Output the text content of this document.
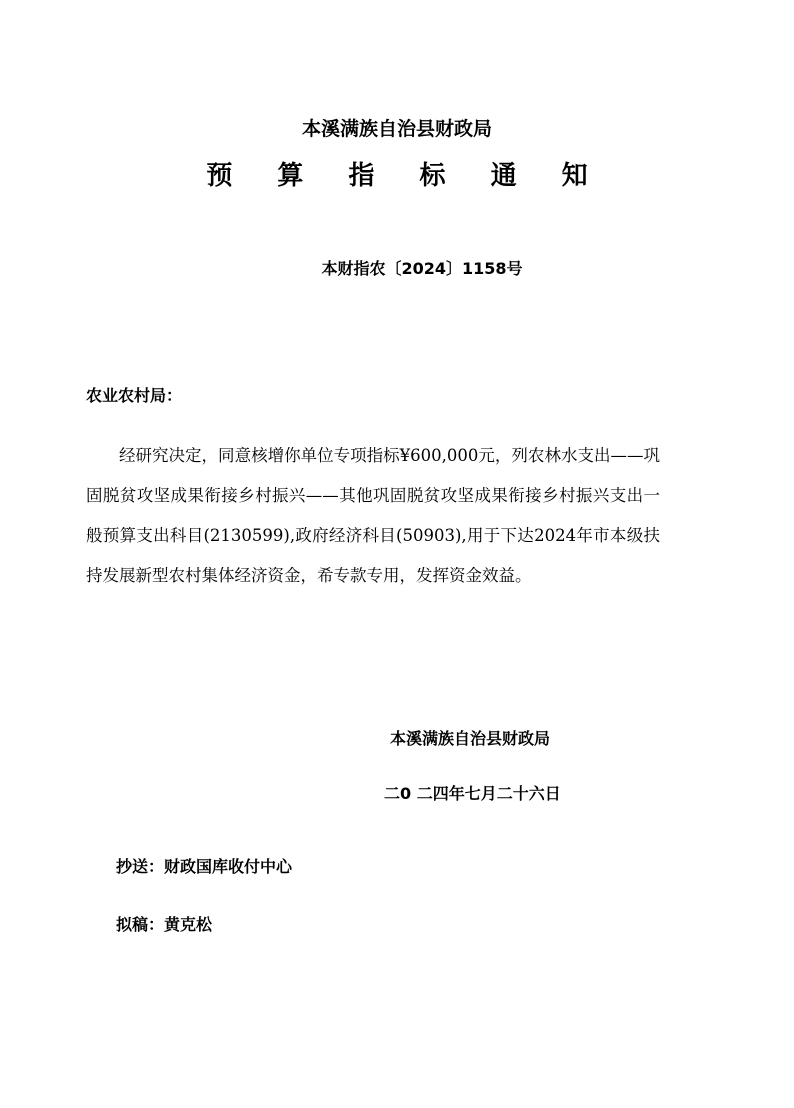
本溪满族自治县财政局
预 算 指 标 通 知
本财指农〔2024〕1158号
农业农村局：
经研究决定，同意核增你单位专项指标¥600,000元，列农林水支出——巩固脱贫攻坚成果衔接乡村振兴——其他巩固脱贫攻坚成果衔接乡村振兴支出一般预算支出科目(2130599),政府经济科目(50903),用于下达2024年市本级扶持发展新型农村集体经济资金，希专款专用，发挥资金效益。
本溪满族自治县财政局
二0 二四年七月二十六日
抄送：财政国库收付中心
拟稿：黄克松
